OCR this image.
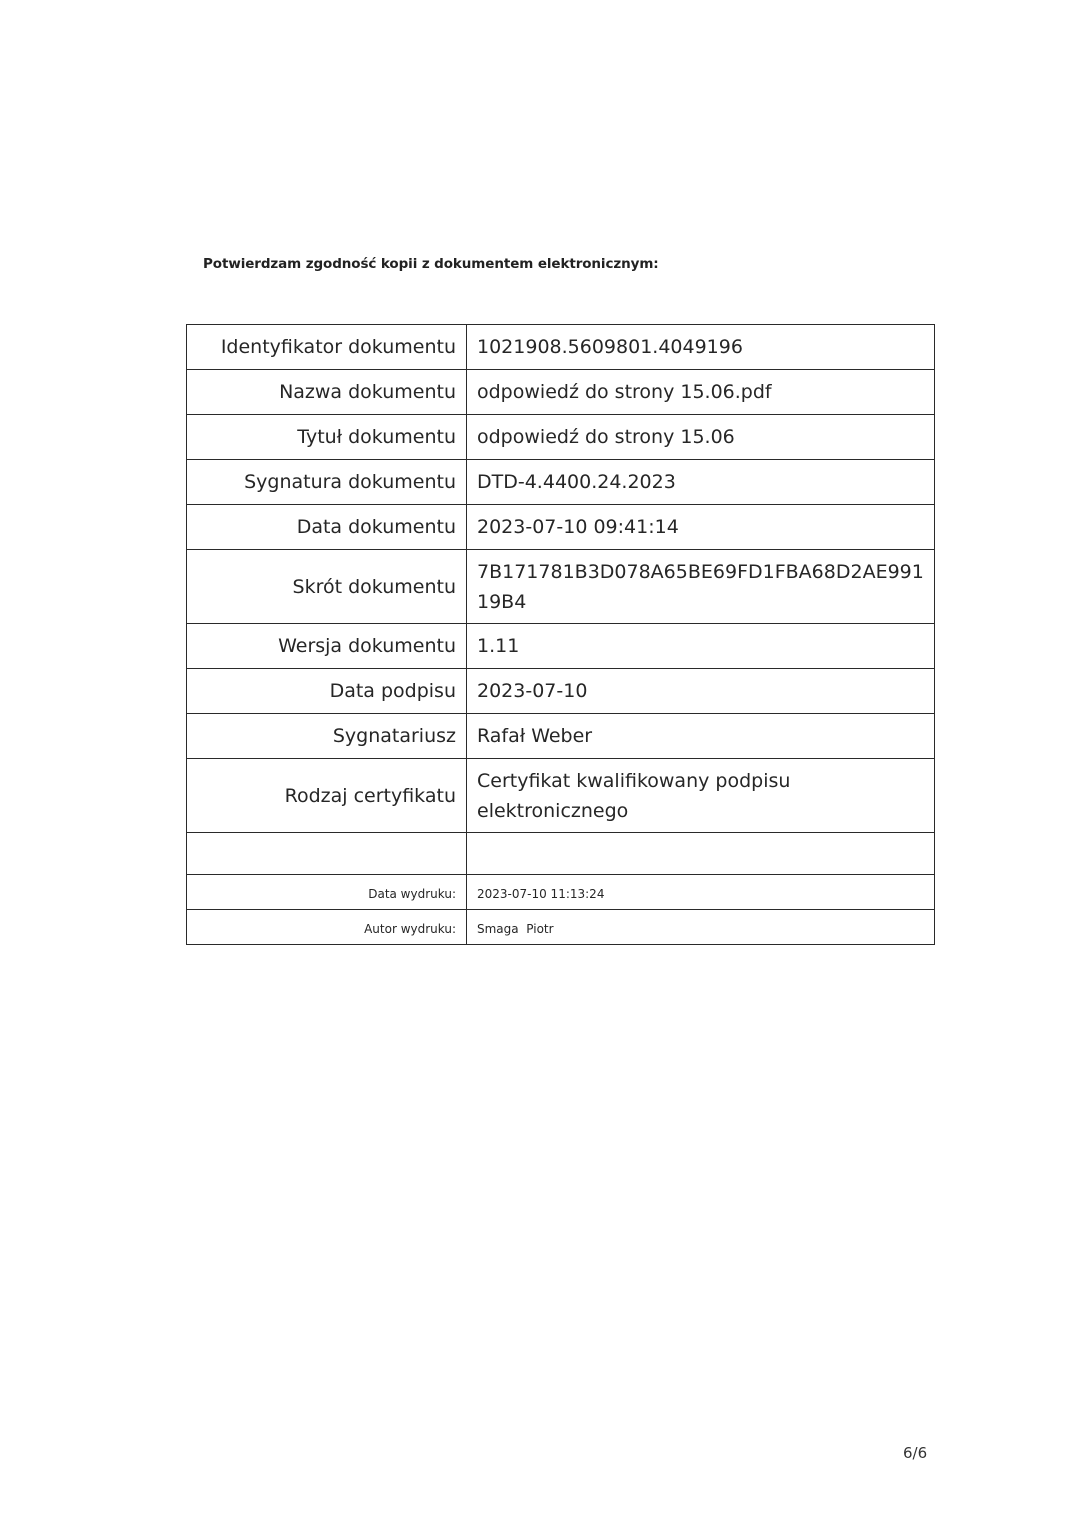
Potwierdzam zgodność kopii z dokumentem elektronicznym:
Identyfikator dokumentu	1021908.5609801.4049196
Nazwa dokumentu	odpowiedź do strony 15.06.pdf
Tytuł dokumentu	odpowiedź do strony 15.06
Sygnatura dokumentu	DTD-4.4400.24.2023
Data dokumentu	2023-07-10 09:41:14
Skrót dokumentu	7B171781B3D078A65BE69FD1FBA68D2AE99119B4
Wersja dokumentu	1.11
Data podpisu	2023-07-10
Sygnatariusz	Rafał Weber
Rodzaj certyfikatu	Certyfikat kwalifikowany podpisu elektronicznego

Data wydruku:	2023-07-10 11:13:24
Autor wydruku:	Smaga  Piotr
6/6
